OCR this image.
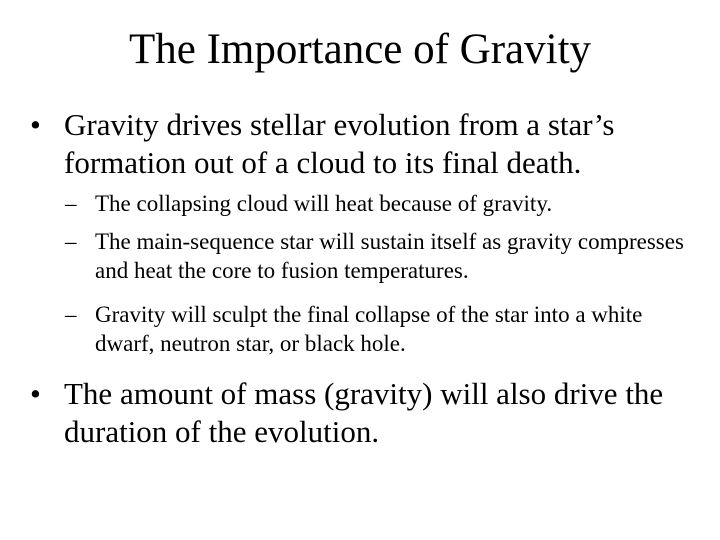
The Importance of Gravity
• Gravity drives stellar evolution from a star’s formation out of a cloud to its final death.
– The collapsing cloud will heat because of gravity.
– The main-sequence star will sustain itself as gravity compresses and heat the core to fusion temperatures.
– Gravity will sculpt the final collapse of the star into a white dwarf, neutron star, or black hole.
• The amount of mass (gravity) will also drive the duration of the evolution.
